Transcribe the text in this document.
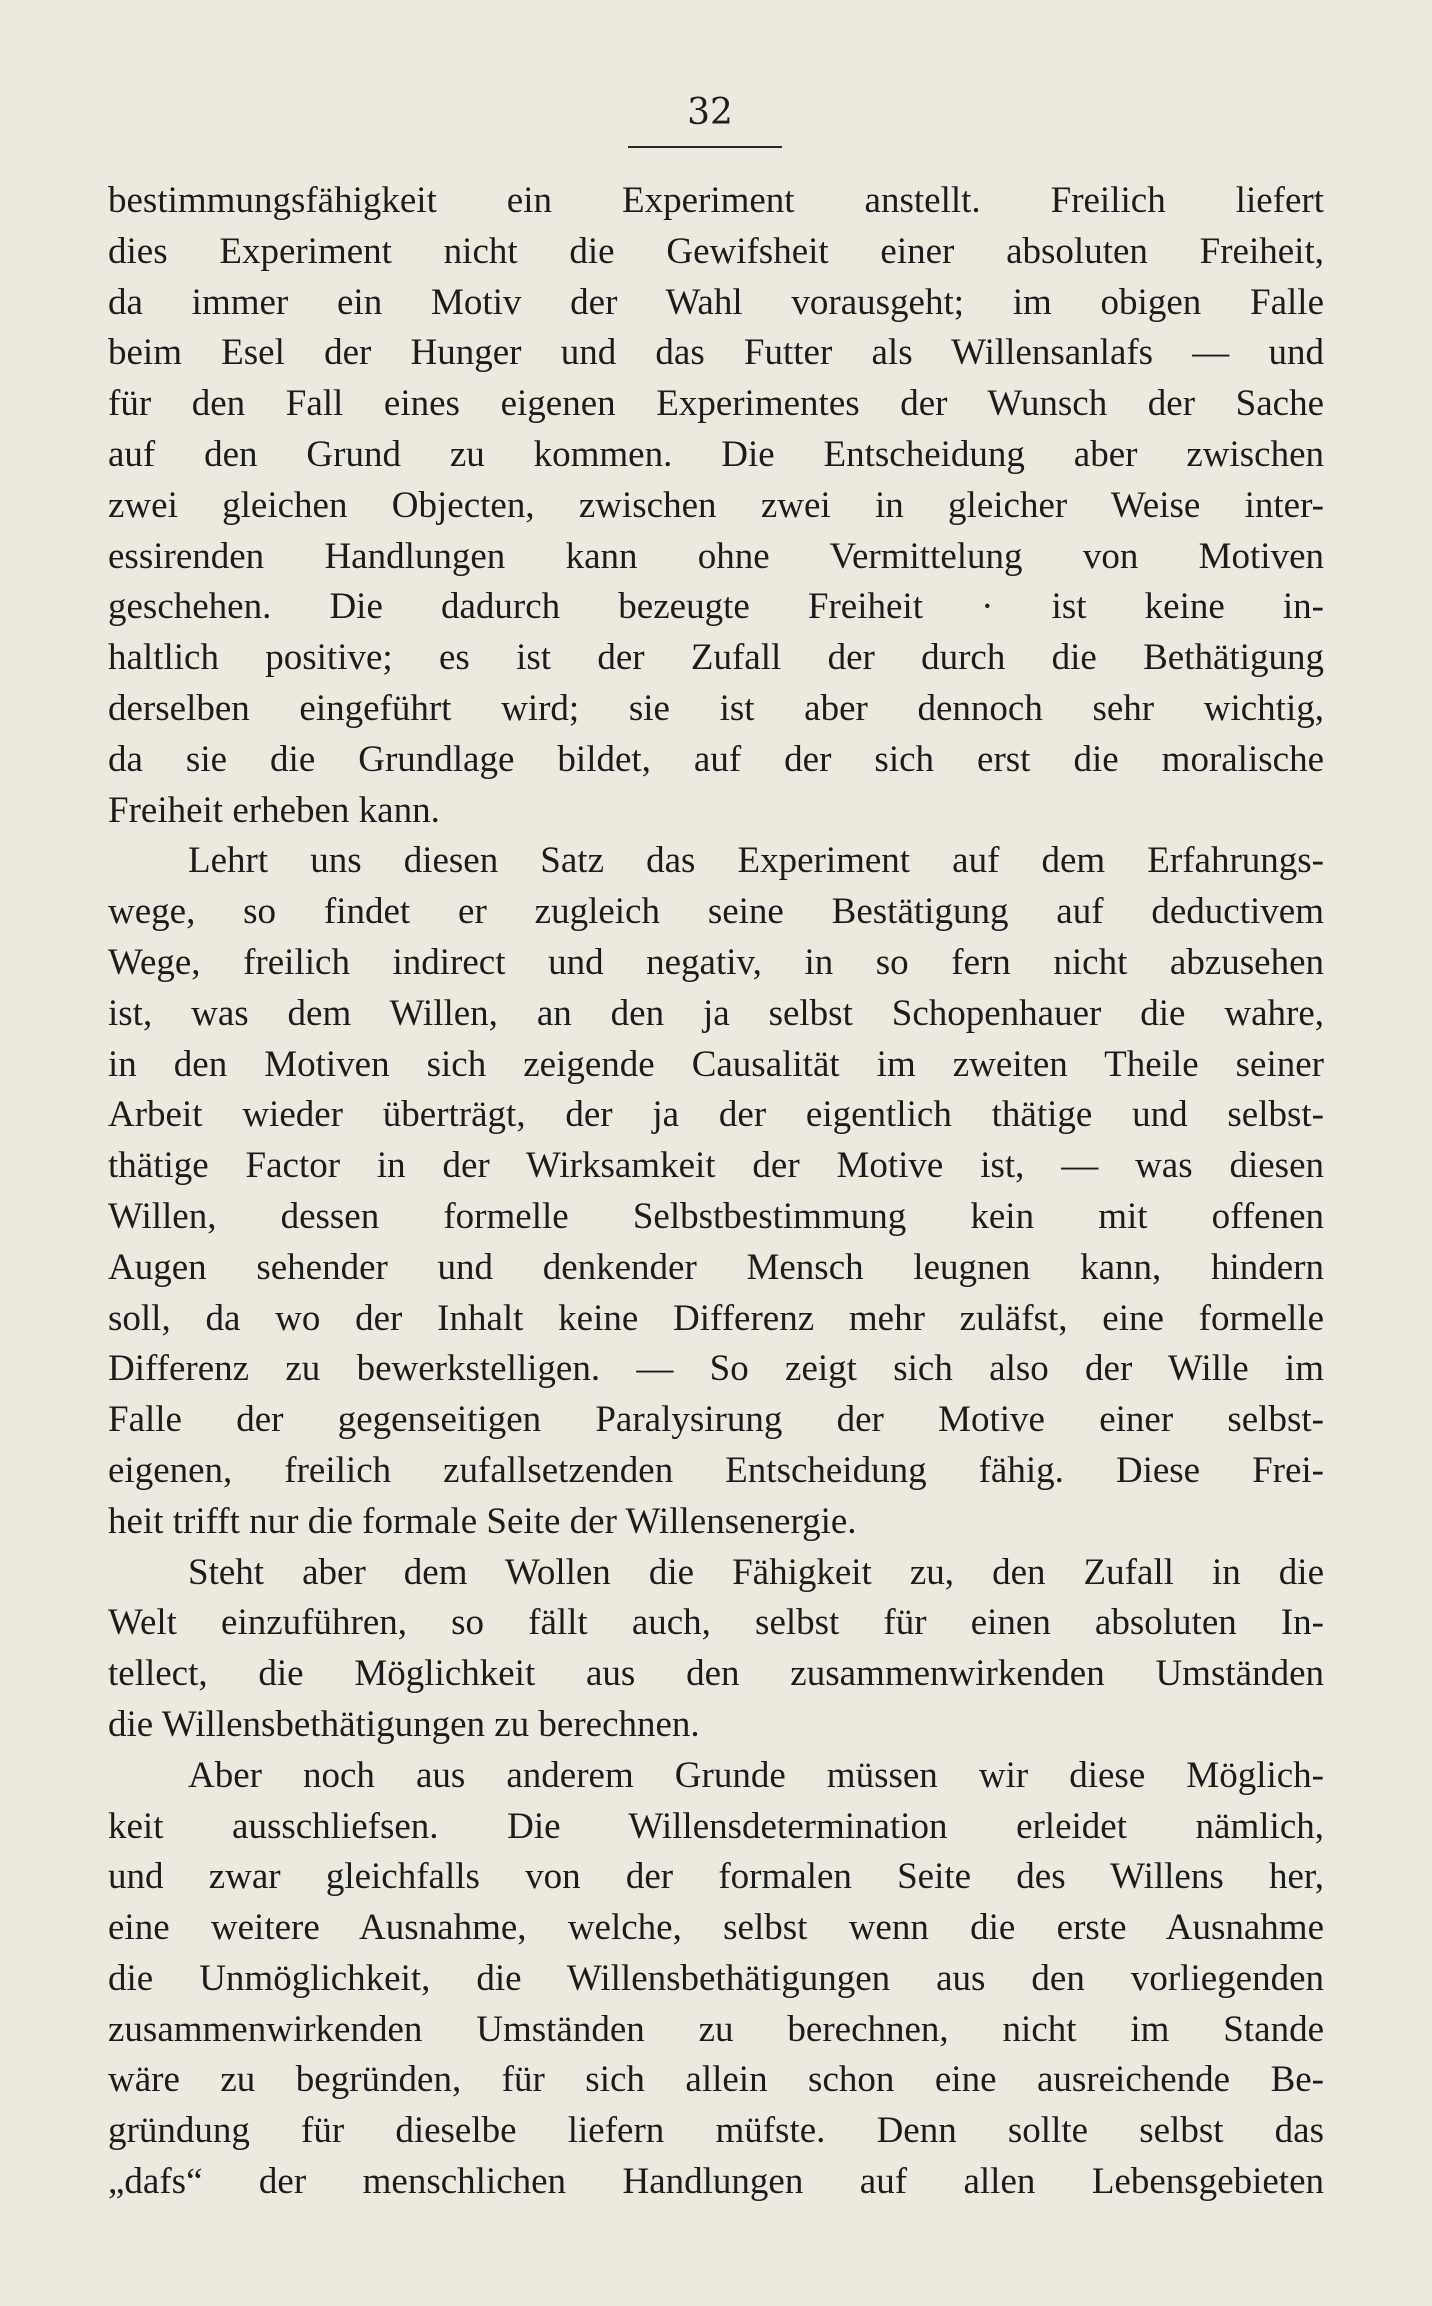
32
bestimmungsfähigkeit ein Experiment anstellt. Freilich liefert
dies Experiment nicht die Gewifsheit einer absoluten Freiheit,
da immer ein Motiv der Wahl vorausgeht; im obigen Falle
beim Esel der Hunger und das Futter als Willensanlafs — und
für den Fall eines eigenen Experimentes der Wunsch der Sache
auf den Grund zu kommen. Die Entscheidung aber zwischen
zwei gleichen Objecten, zwischen zwei in gleicher Weise inter-
essirenden Handlungen kann ohne Vermittelung von Motiven
geschehen. Die dadurch bezeugte Freiheit · ist keine in-
haltlich positive; es ist der Zufall der durch die Bethätigung
derselben eingeführt wird; sie ist aber dennoch sehr wichtig,
da sie die Grundlage bildet, auf der sich erst die moralische
Freiheit erheben kann.
Lehrt uns diesen Satz das Experiment auf dem Erfahrungs-
wege, so findet er zugleich seine Bestätigung auf deductivem
Wege, freilich indirect und negativ, in so fern nicht abzusehen
ist, was dem Willen, an den ja selbst Schopenhauer die wahre,
in den Motiven sich zeigende Causalität im zweiten Theile seiner
Arbeit wieder überträgt, der ja der eigentlich thätige und selbst-
thätige Factor in der Wirksamkeit der Motive ist, — was diesen
Willen, dessen formelle Selbstbestimmung kein mit offenen
Augen sehender und denkender Mensch leugnen kann, hindern
soll, da wo der Inhalt keine Differenz mehr zuläfst, eine formelle
Differenz zu bewerkstelligen. — So zeigt sich also der Wille im
Falle der gegenseitigen Paralysirung der Motive einer selbst-
eigenen, freilich zufallsetzenden Entscheidung fähig. Diese Frei-
heit trifft nur die formale Seite der Willensenergie.
Steht aber dem Wollen die Fähigkeit zu, den Zufall in die
Welt einzuführen, so fällt auch, selbst für einen absoluten In-
tellect, die Möglichkeit aus den zusammenwirkenden Umständen
die Willensbethätigungen zu berechnen.
Aber noch aus anderem Grunde müssen wir diese Möglich-
keit ausschliefsen. Die Willensdetermination erleidet nämlich,
und zwar gleichfalls von der formalen Seite des Willens her,
eine weitere Ausnahme, welche, selbst wenn die erste Ausnahme
die Unmöglichkeit, die Willensbethätigungen aus den vorliegenden
zusammenwirkenden Umständen zu berechnen, nicht im Stande
wäre zu begründen, für sich allein schon eine ausreichende Be-
gründung für dieselbe liefern müfste. Denn sollte selbst das
„dafs“ der menschlichen Handlungen auf allen Lebensgebieten
